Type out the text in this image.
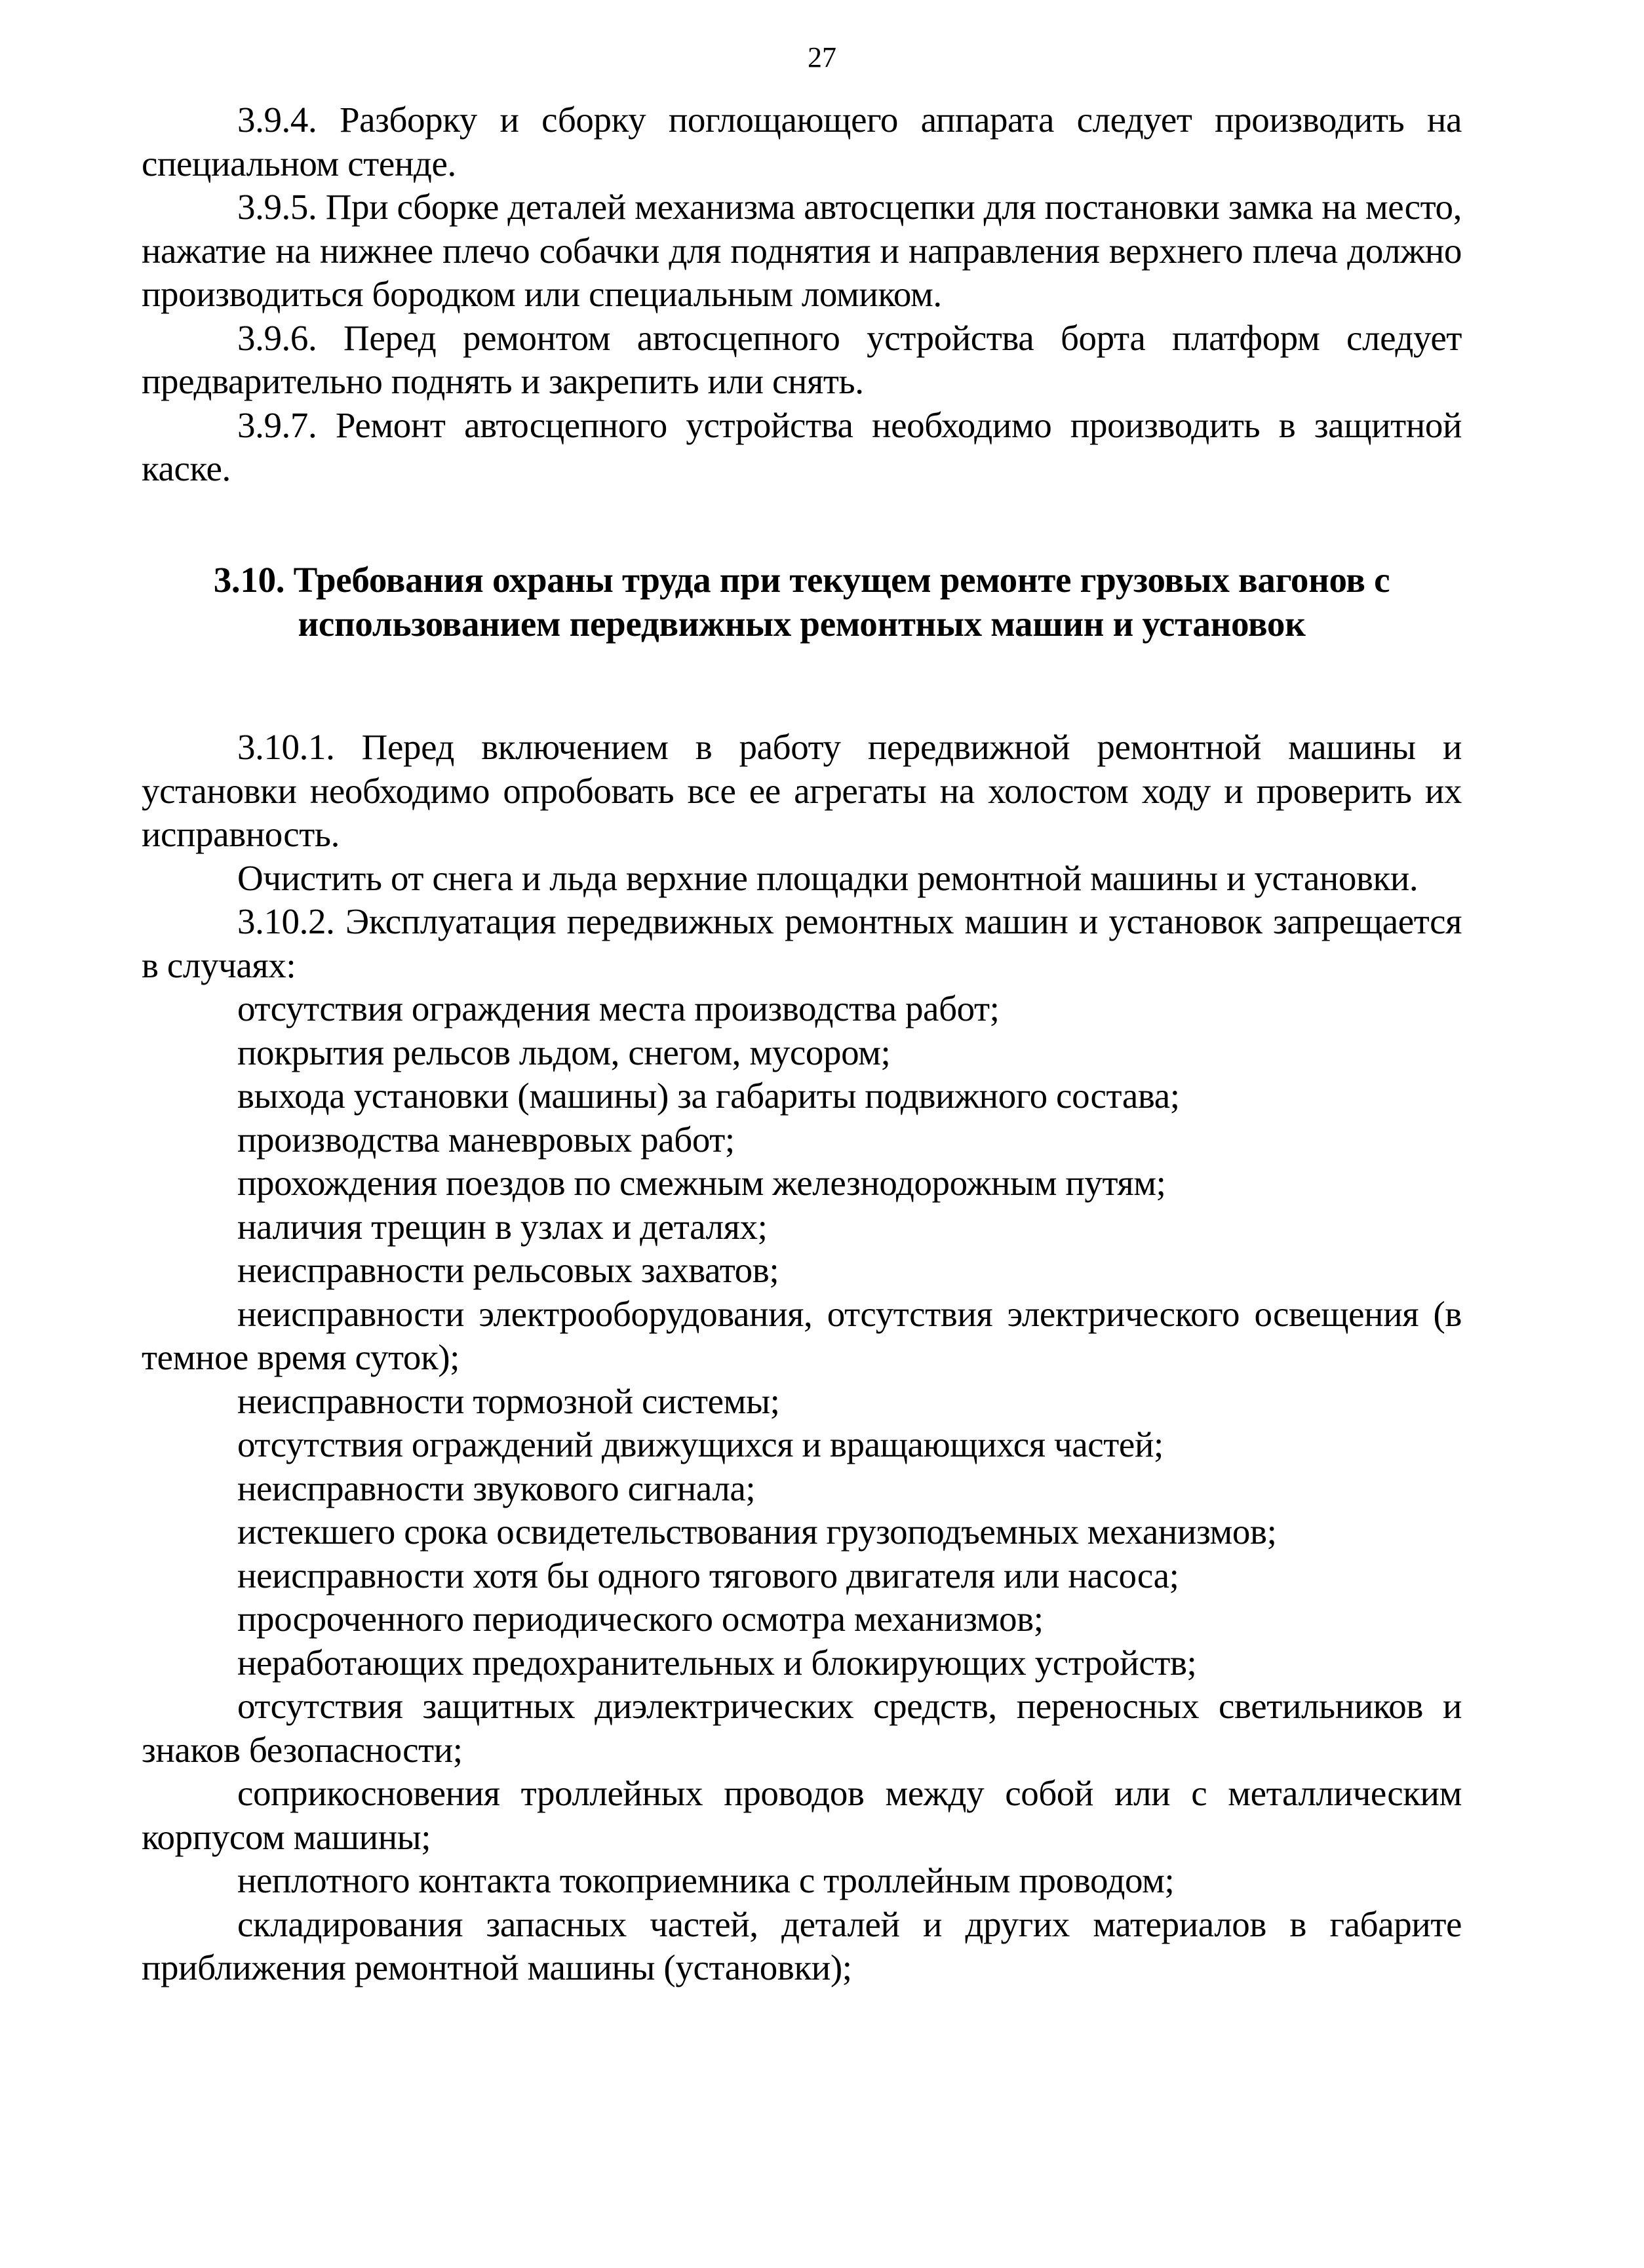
27

3.9.4. Разборку и сборку поглощающего аппарата следует производить на специальном стенде.

3.9.5. При сборке деталей механизма автосцепки для постановки замка на место, нажатие на нижнее плечо собачки для поднятия и направления верхнего плеча должно производиться бородком или специальным ломиком.

3.9.6. Перед ремонтом автосцепного устройства борта платформ следует предварительно поднять и закрепить или снять.

3.9.7. Ремонт автосцепного устройства необходимо производить в защитной каске.

3.10. Требования охраны труда при текущем ремонте грузовых вагонов с
использованием передвижных ремонтных машин и установок

3.10.1. Перед включением в работу передвижной ремонтной машины и установки необходимо опробовать все ее агрегаты на холостом ходу и проверить их исправность.

Очистить от снега и льда верхние площадки ремонтной машины и установки.

3.10.2. Эксплуатация передвижных ремонтных машин и установок запрещается в случаях:

отсутствия ограждения места производства работ;

покрытия рельсов льдом, снегом, мусором;

выхода установки (машины) за габариты подвижного состава;

производства маневровых работ;

прохождения поездов по смежным железнодорожным путям;

наличия трещин в узлах и деталях;

неисправности рельсовых захватов;

неисправности электрооборудования, отсутствия электрического освещения (в темное время суток);

неисправности тормозной системы;

отсутствия ограждений движущихся и вращающихся частей;

неисправности звукового сигнала;

истекшего срока освидетельствования грузоподъемных механизмов;

неисправности хотя бы одного тягового двигателя или насоса;

просроченного периодического осмотра механизмов;

неработающих предохранительных и блокирующих устройств;

отсутствия защитных диэлектрических средств, переносных светильников и знаков безопасности;

соприкосновения троллейных проводов между собой или с металлическим корпусом машины;

неплотного контакта токоприемника с троллейным проводом;

складирования запасных частей, деталей и других материалов в габарите приближения ремонтной машины (установки);
